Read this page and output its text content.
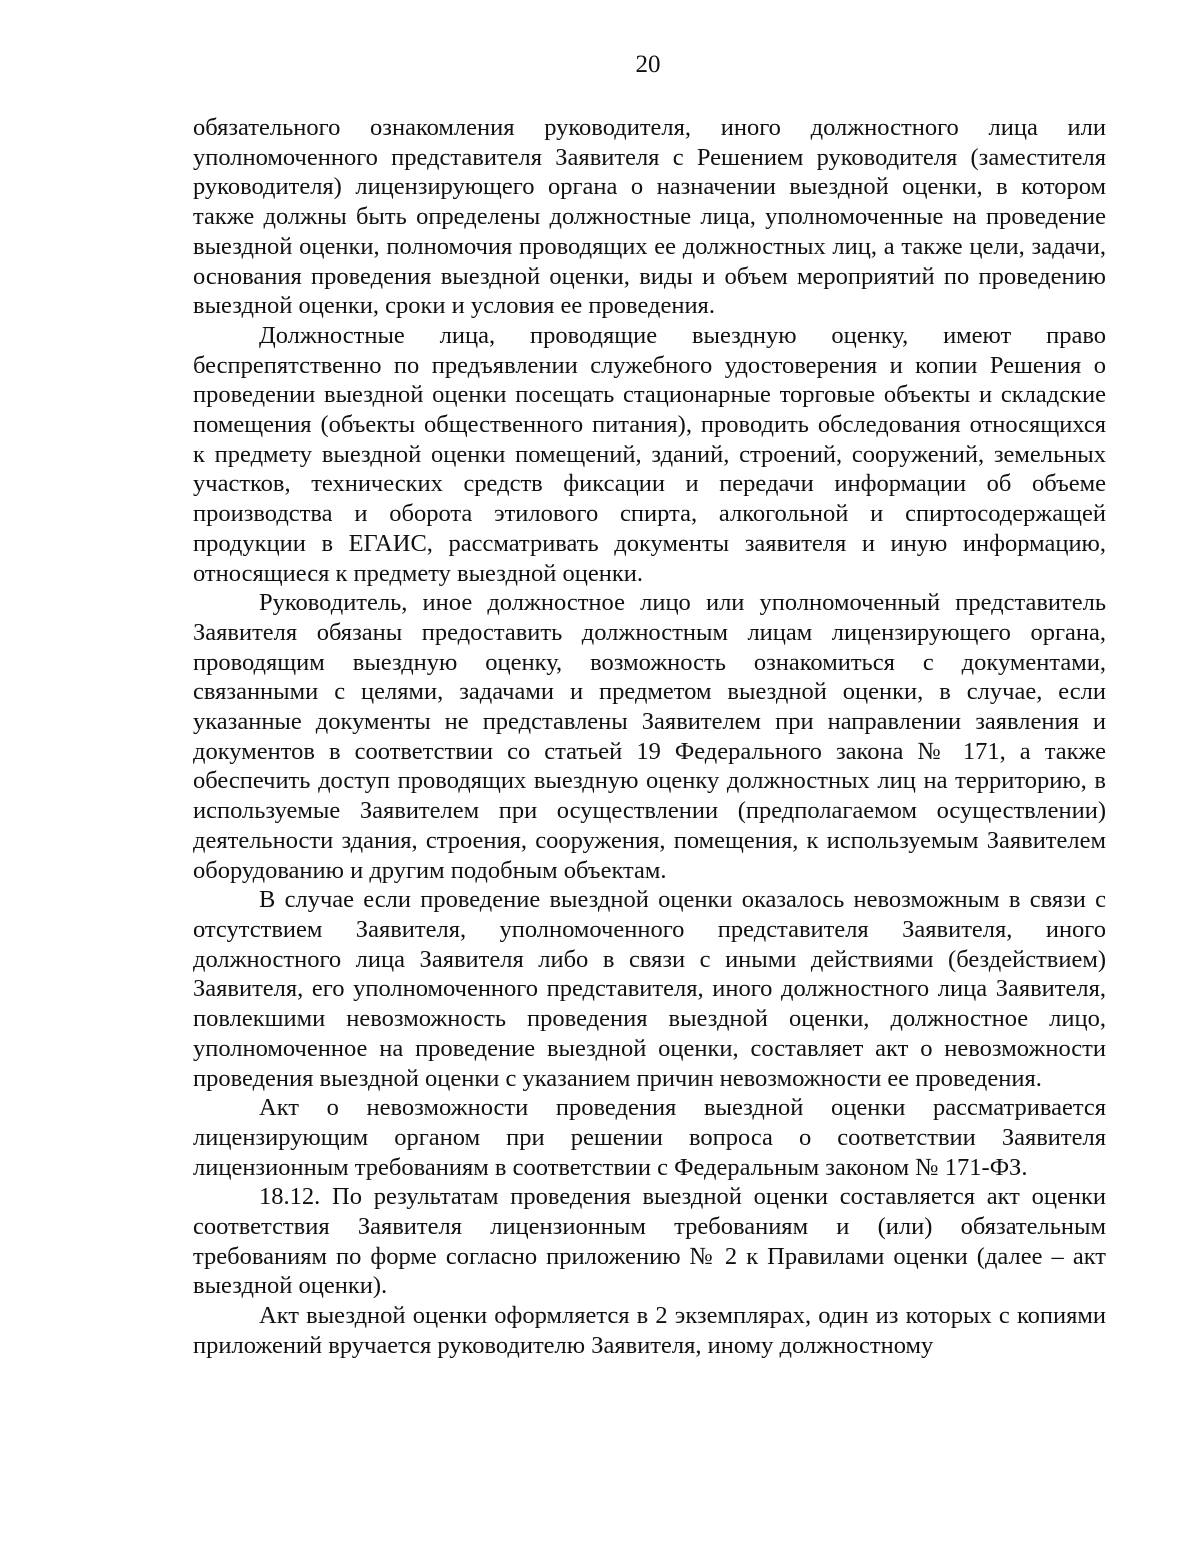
20

обязательного ознакомления руководителя, иного должностного лица или уполномоченного представителя Заявителя с Решением руководителя (заместителя руководителя) лицензирующего органа о назначении выездной оценки, в котором также должны быть определены должностные лица, уполномоченные на проведение выездной оценки, полномочия проводящих ее должностных лиц, а также цели, задачи, основания проведения выездной оценки, виды и объем мероприятий по проведению выездной оценки, сроки и условия ее проведения.

Должностные лица, проводящие выездную оценку, имеют право беспрепятственно по предъявлении служебного удостоверения и копии Решения о проведении выездной оценки посещать стационарные торговые объекты и складские помещения (объекты общественного питания), проводить обследования относящихся к предмету выездной оценки помещений, зданий, строений, сооружений, земельных участков, технических средств фиксации и передачи информации об объеме производства и оборота этилового спирта, алкогольной и спиртосодержащей продукции в ЕГАИС, рассматривать документы заявителя и иную информацию, относящиеся к предмету выездной оценки.

Руководитель, иное должностное лицо или уполномоченный представитель Заявителя обязаны предоставить должностным лицам лицензирующего органа, проводящим выездную оценку, возможность ознакомиться с документами, связанными с целями, задачами и предметом выездной оценки, в случае, если указанные документы не представлены Заявителем при направлении заявления и документов в соответствии со статьей 19 Федерального закона № 171, а также обеспечить доступ проводящих выездную оценку должностных лиц на территорию, в используемые Заявителем при осуществлении (предполагаемом осуществлении) деятельности здания, строения, сооружения, помещения, к используемым Заявителем оборудованию и другим подобным объектам.

В случае если проведение выездной оценки оказалось невозможным в связи с отсутствием Заявителя, уполномоченного представителя Заявителя, иного должностного лица Заявителя либо в связи с иными действиями (бездействием) Заявителя, его уполномоченного представителя, иного должностного лица Заявителя, повлекшими невозможность проведения выездной оценки, должностное лицо, уполномоченное на проведение выездной оценки, составляет акт о невозможности проведения выездной оценки с указанием причин невозможности ее проведения.

Акт о невозможности проведения выездной оценки рассматривается лицензирующим органом при решении вопроса о соответствии Заявителя лицензионным требованиям в соответствии с Федеральным законом № 171-ФЗ.

18.12. По результатам проведения выездной оценки составляется акт оценки соответствия Заявителя лицензионным требованиям и (или) обязательным требованиям по форме согласно приложению № 2 к Правилами оценки (далее – акт выездной оценки).

Акт выездной оценки оформляется в 2 экземплярах, один из которых с копиями приложений вручается руководителю Заявителя, иному должностному
